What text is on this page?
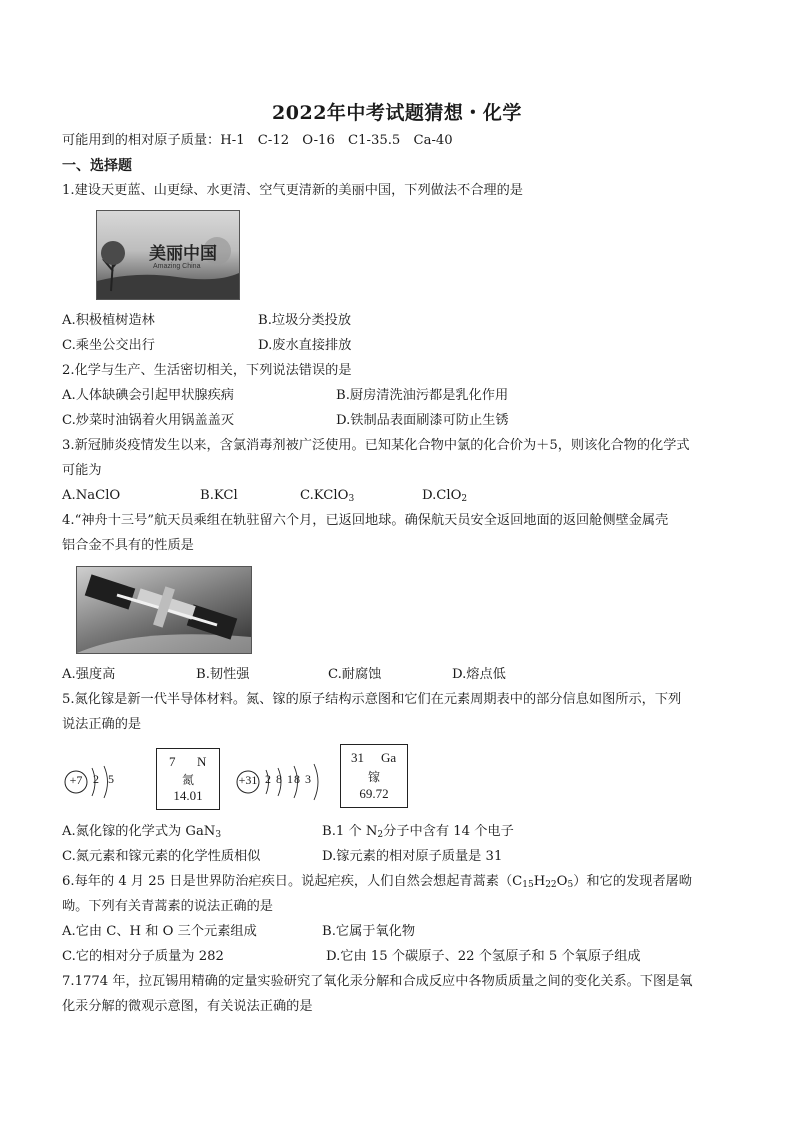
2022年中考试题猜想・化学
可能用到的相对原子质量：H-1　C-12　O-16　C1-35.5　Ca-40
一、选择题
1.建设天更蓝、山更绿、水更清、空气更清新的美丽中国，下列做法不合理的是
美丽中国
Amazing China
A.积极植树造林	B.垃圾分类投放
C.乘坐公交出行	D.废水直接排放
2.化学与生产、生活密切相关，下列说法错误的是
A.人体缺碘会引起甲状腺疾病	B.厨房清洗油污都是乳化作用
C.炒菜时油锅着火用锅盖盖灭	D.铁制品表面刷漆可防止生锈
3.新冠肺炎疫情发生以来，含氯消毒剂被广泛使用。已知某化合物中氯的化合价为＋5，则该化合物的化学式
可能为
A.NaClO	B.KCl	C.KClO$_3$	D.ClO$_2$
4.“神舟十三号”航天员乘组在轨驻留六个月，已返回地球。确保航天员安全返回地面的返回舱侧壁金属壳
铝合金不具有的性质是
A.强度高	B.韧性强	C.耐腐蚀	D.熔点低
5.氮化镓是新一代半导体材料。氮、镓的原子结构示意图和它们在元素周期表中的部分信息如图所示，下列
说法正确的是
+7 2 5
7 N
氮
14.01
+31 2 8 18 3
31 Ga
镓
69.72
A.氮化镓的化学式为 GaN$_3$	B.1 个 $N_2$分子中含有 14 个电子
C.氮元素和镓元素的化学性质相似	D.镓元素的相对原子质量是 31
6.每年的 4 月 25 日是世界防治疟疾日。说起疟疾，人们自然会想起青蒿素$(C_{15}H_{22}O_5)$和它的发现者屠呦
呦。下列有关青蒿素的说法正确的是
A.它由 C、H 和 O 三个元素组成	B.它属于氧化物
C.它的相对分子质量为 282	D.它由 15 个碳原子、22 个氢原子和 5 个氧原子组成
7.1774 年，拉瓦锡用精确的定量实验研究了氧化汞分解和合成反应中各物质质量之间的变化关系。下图是氧
化汞分解的微观示意图，有关说法正确的是
